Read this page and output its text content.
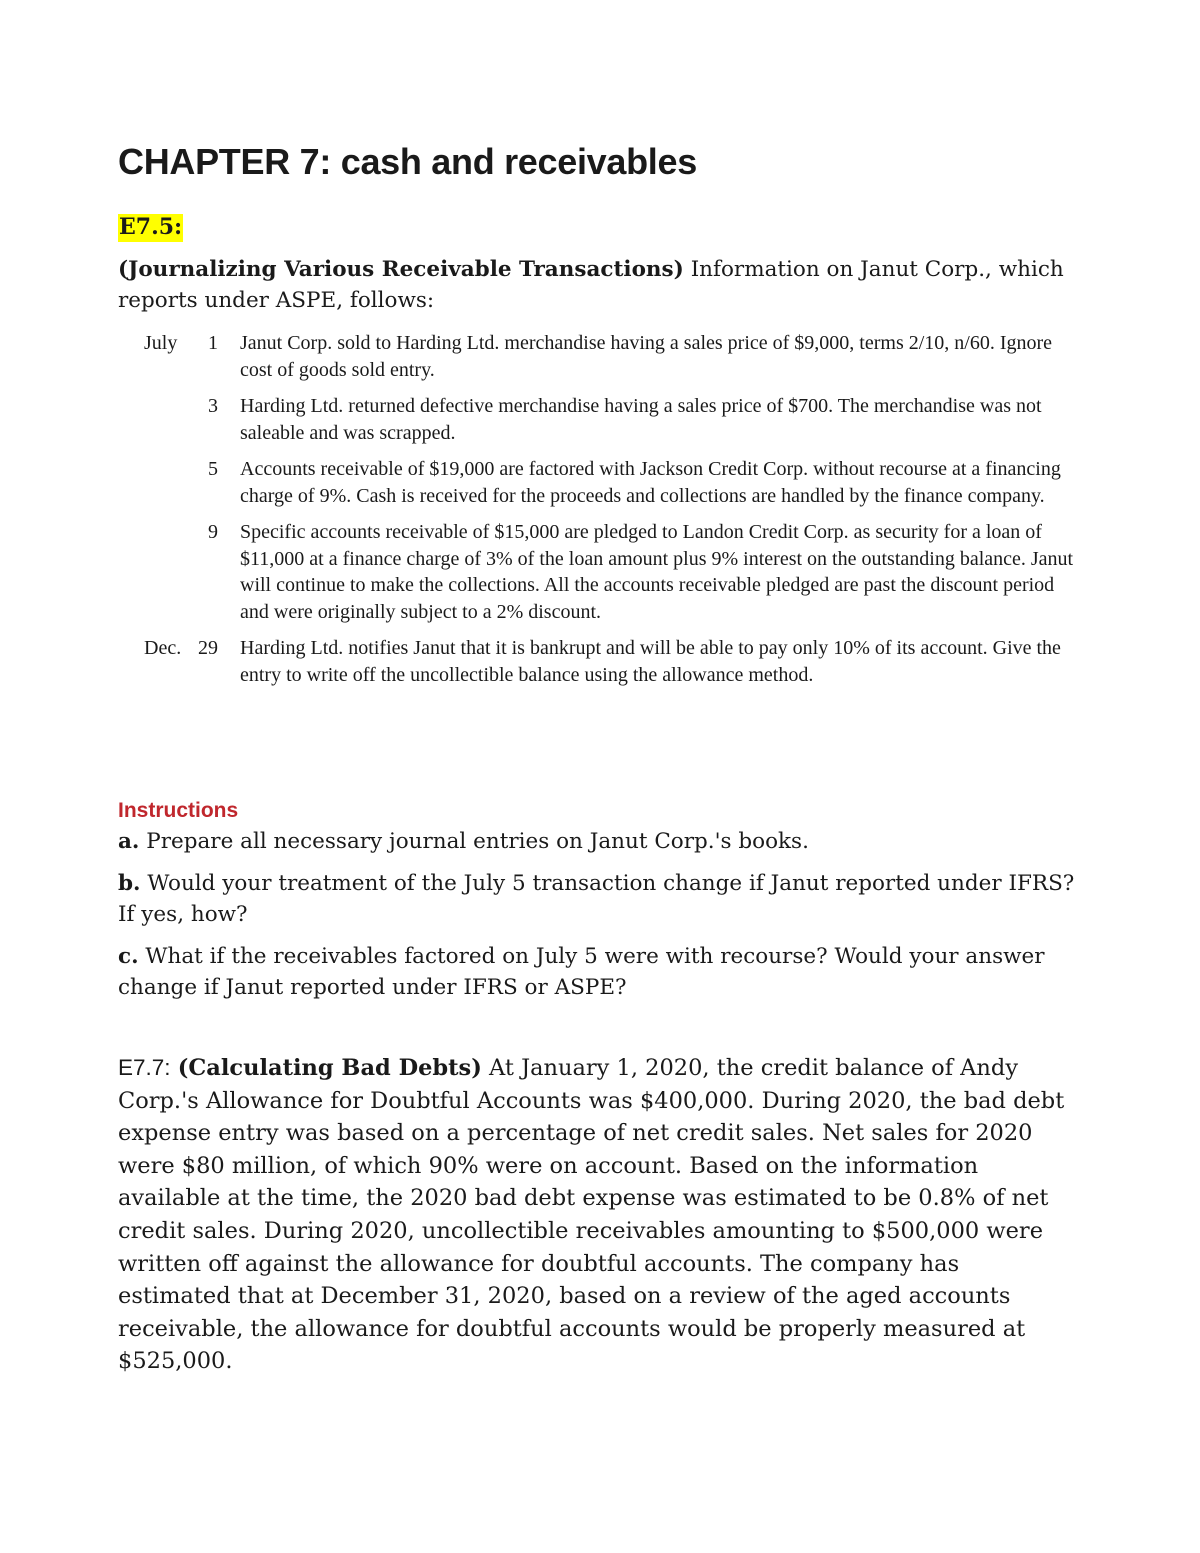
CHAPTER 7: cash and receivables
E7.5:

(Journalizing Various Receivable Transactions) Information on Janut Corp., which reports under ASPE, follows:

July	1 Janut Corp. sold to Harding Ltd. merchandise having a sales price of $9,000, terms 2/10, n/60. Ignore cost of goods sold entry.
3 Harding Ltd. returned defective merchandise having a sales price of $700. The merchandise was not saleable and was scrapped.
5 Accounts receivable of $19,000 are factored with Jackson Credit Corp. without recourse at a financing charge of 9%. Cash is received for the proceeds and collections are handled by the finance company.
9 Specific accounts receivable of $15,000 are pledged to Landon Credit Corp. as security for a loan of $11,000 at a finance charge of 3% of the loan amount plus 9% interest on the outstanding balance. Janut will continue to make the collections. All the accounts receivable pledged are past the discount period and were originally subject to a 2% discount.
Dec. 29 Harding Ltd. notifies Janut that it is bankrupt and will be able to pay only 10% of its account. Give the entry to write off the uncollectible balance using the allowance method.
Instructions

a. Prepare all necessary journal entries on Janut Corp.'s books.

b. Would your treatment of the July 5 transaction change if Janut reported under IFRS? If yes, how?

c. What if the receivables factored on July 5 were with recourse? Would your answer change if Janut reported under IFRS or ASPE?

E7.7: (Calculating Bad Debts) At January 1, 2020, the credit balance of Andy Corp.'s Allowance for Doubtful Accounts was $400,000. During 2020, the bad debt expense entry was based on a percentage of net credit sales. Net sales for 2020 were $80 million, of which 90% were on account. Based on the information available at the time, the 2020 bad debt expense was estimated to be 0.8% of net credit sales. During 2020, uncollectible receivables amounting to $500,000 were written off against the allowance for doubtful accounts. The company has estimated that at December 31, 2020, based on a review of the aged accounts receivable, the allowance for doubtful accounts would be properly measured at $525,000.
